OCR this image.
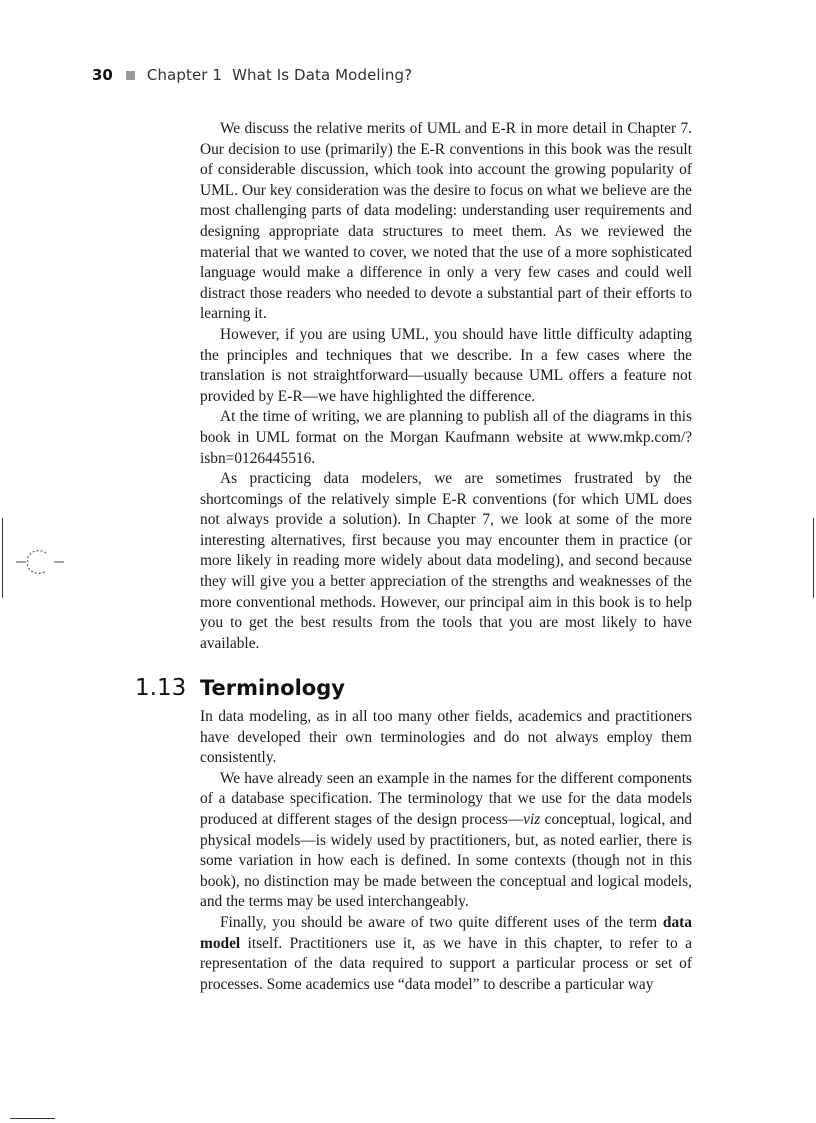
30 Chapter 1 What Is Data Modeling?

We discuss the relative merits of UML and E-R in more detail in Chapter 7. Our decision to use (primarily) the E-R conventions in this book was the result of considerable discussion, which took into account the growing popularity of UML. Our key consideration was the desire to focus on what we believe are the most challenging parts of data modeling: understanding user requirements and designing appropriate data structures to meet them. As we reviewed the material that we wanted to cover, we noted that the use of a more sophisticated language would make a difference in only a very few cases and could well distract those readers who needed to devote a substantial part of their efforts to learning it.

However, if you are using UML, you should have little difficulty adapting the principles and techniques that we describe. In a few cases where the translation is not straightforward—usually because UML offers a feature not provided by E-R—we have highlighted the difference.

At the time of writing, we are planning to publish all of the diagrams in this book in UML format on the Morgan Kaufmann website at www.mkp.com/?isbn=0126445516.

As practicing data modelers, we are sometimes frustrated by the shortcomings of the relatively simple E-R conventions (for which UML does not always provide a solution). In Chapter 7, we look at some of the more interesting alternatives, first because you may encounter them in practice (or more likely in reading more widely about data modeling), and second because they will give you a better appreciation of the strengths and weaknesses of the more conventional methods. However, our principal aim in this book is to help you to get the best results from the tools that you are most likely to have available.

1.13 Terminology

In data modeling, as in all too many other fields, academics and practitioners have developed their own terminologies and do not always employ them consistently.

We have already seen an example in the names for the different components of a database specification. The terminology that we use for the data models produced at different stages of the design process—viz conceptual, logical, and physical models—is widely used by practitioners, but, as noted earlier, there is some variation in how each is defined. In some contexts (though not in this book), no distinction may be made between the conceptual and logical models, and the terms may be used interchangeably.

Finally, you should be aware of two quite different uses of the term data model itself. Practitioners use it, as we have in this chapter, to refer to a representation of the data required to support a particular process or set of processes. Some academics use “data model” to describe a particular way
